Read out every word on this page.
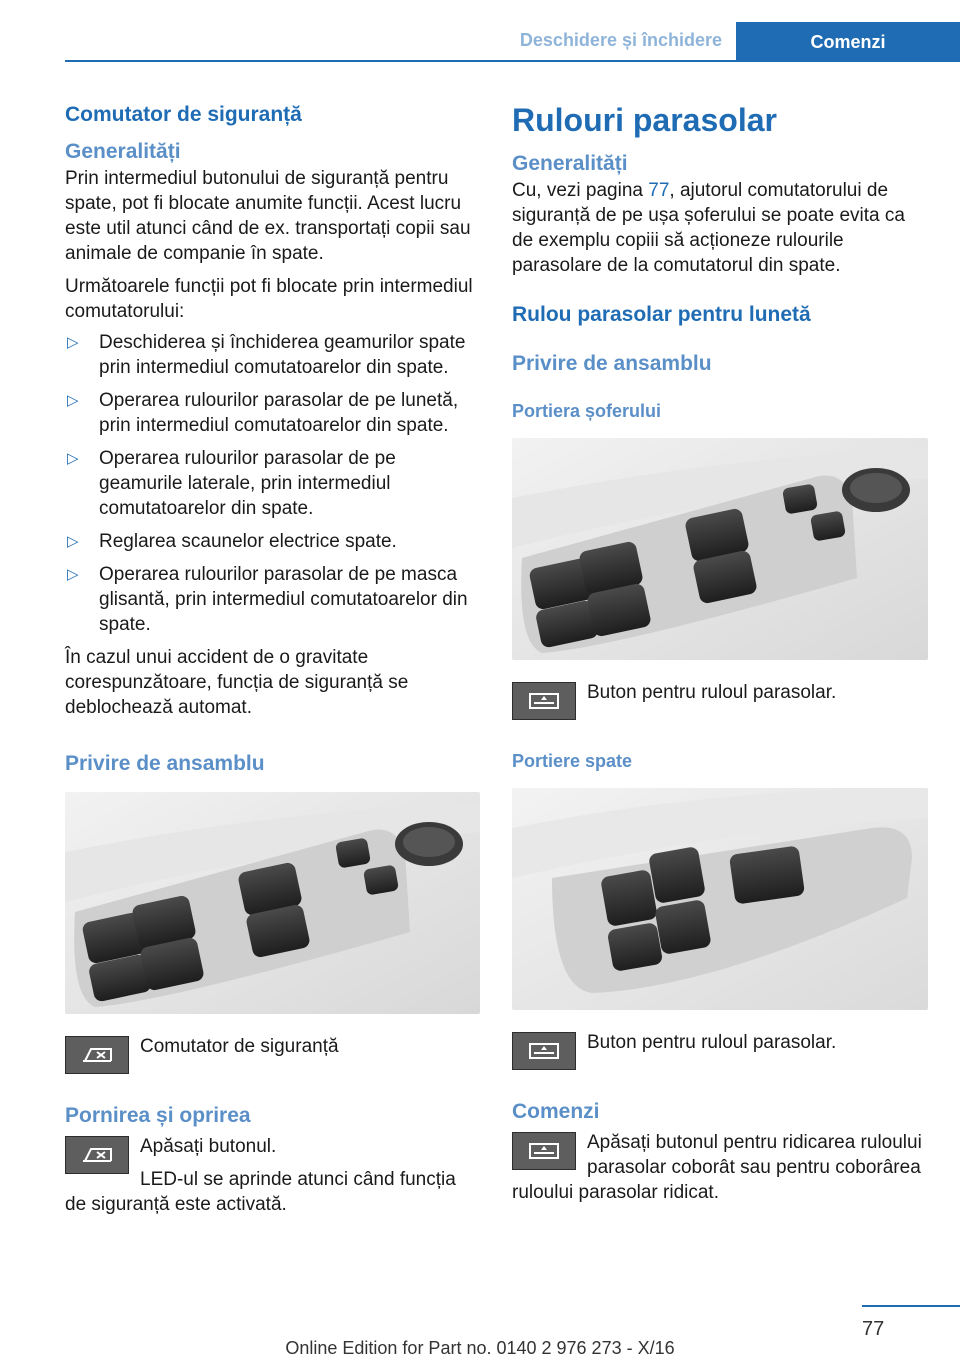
Deschidere și închidere	Comenzi
Comutator de siguranță
Generalități

Prin intermediul butonului de siguranță pentru spate, pot fi blocate anumite funcții. Acest lucru este util atunci când de ex. transportați copii sau animale de companie în spate.

Următoarele funcții pot fi blocate prin intermediul comutatorului:

▷ Deschiderea și închiderea geamurilor spate prin intermediul comutatoarelor din spate.
▷ Operarea rulourilor parasolar de pe lunetă, prin intermediul comutatoarelor din spate.
▷ Operarea rulourilor parasolar de pe geamurile laterale, prin intermediul comutatoarelor din spate.
▷ Reglarea scaunelor electrice spate.
▷ Operarea rulourilor parasolar de pe masca glisantă, prin intermediul comutatoarelor din spate.

În cazul unui accident de o gravitate corespunzătoare, funcția de siguranță se deblochează automat.

Privire de ansamblu

Comutator de siguranță

Pornirea și oprirea

Apăsați butonul.

LED-ul se aprinde atunci când funcția de siguranță este activată.

Rulouri parasolar
Generalități

Cu, vezi pagina 77, ajutorul comutatorului de siguranță de pe ușa șoferului se poate evita ca de exemplu copiii să acționeze rulourile parasolare de la comutatorul din spate.

Rulou parasolar pentru lunetă
Privire de ansamblu
Portiera șoferului

Buton pentru ruloul parasolar.

Portiere spate

Buton pentru ruloul parasolar.

Comenzi

Apăsați butonul pentru ridicarea ruloului parasolar coborât sau pentru coborârea ruloului parasolar ridicat.

77
Online Edition for Part no. 0140 2 976 273 - X/16
